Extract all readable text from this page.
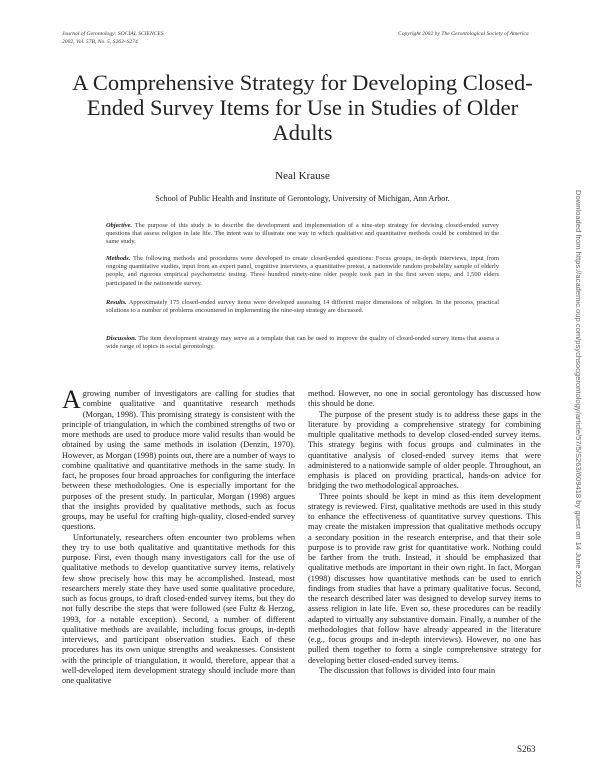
Journal of Gerontology: SOCIAL SCIENCES
2002, Vol. 57B, No. 5, S263–S274
Copyright 2002 by The Gerontological Society of America
A Comprehensive Strategy for Developing Closed-Ended Survey Items for Use in Studies of Older Adults
Neal Krause
School of Public Health and Institute of Gerontology, University of Michigan, Ann Arbor.
Objective. The purpose of this study is to describe the development and implementation of a nine-step strategy for devising closed-ended survey questions that assess religion in late life. The intent was to illustrate one way in which qualitative and quantitative methods could be combined in the same study.
Methods. The following methods and procedures were developed to create closed-ended questions: Focus groups, in-depth interviews, input from ongoing quantitative studies, input from an expert panel, cognitive interviews, a quantitative pretest, a nationwide random probability sample of elderly people, and rigorous empirical psychometric testing. Three hundred ninety-nine older people took part in the first seven steps, and 1,500 elders participated in the nationwide survey.
Results. Approximately 175 closed-ended survey items were developed assessing 14 different major dimensions of religion. In the process, practical solutions to a number of problems encountered in implementing the nine-step strategy are discussed.
Discussion. The item development strategy may serve as a template that can be used to improve the quality of closed-ended survey items that assess a wide range of topics in social gerontology.

Agrowing number of investigators are calling for studies that combine qualitative and quantitative research methods (Morgan, 1998). This promising strategy is consistent with the principle of triangulation, in which the combined strengths of two or more methods are used to produce more valid results than would be obtained by using the same methods in isolation (Denzin, 1970). However, as Morgan (1998) points out, there are a number of ways to combine qualitative and quantitative methods in the same study. In fact, he proposes four broad approaches for configuring the interface between these methodologies. One is especially important for the purposes of the present study. In particular, Morgan (1998) argues that the insights provided by qualitative methods, such as focus groups, may be useful for crafting high-quality, closed-ended survey questions.

Unfortunately, researchers often encounter two problems when they try to use both qualitative and quantitative methods for this purpose. First, even though many investigators call for the use of qualitative methods to develop quantitative survey items, relatively few show precisely how this may be accomplished. Instead, most researchers merely state they have used some qualitative procedure, such as focus groups, to draft closed-ended survey items, but they do not fully describe the steps that were followed (see Fultz & Herzog, 1993, for a notable exception). Second, a number of different qualitative methods are available, including focus groups, in-depth interviews, and participant observation studies. Each of these procedures has its own unique strengths and weaknesses. Consistent with the principle of triangulation, it would, therefore, appear that a well-developed item development strategy should include more than one qualitative

method. However, no one in social gerontology has discussed how this should be done.

The purpose of the present study is to address these gaps in the literature by providing a comprehensive strategy for combining multiple qualitative methods to develop closed-ended survey items. This strategy begins with focus groups and culminates in the quantitative analysis of closed-ended survey items that were administered to a nationwide sample of older people. Throughout, an emphasis is placed on providing practical, hands-on advice for bridging the two methodological approaches.

Three points should be kept in mind as this item development strategy is reviewed. First, qualitative methods are used in this study to enhance the effectiveness of quantitative survey questions. This may create the mistaken impression that qualitative methods occupy a secondary position in the research enterprise, and that their sole purpose is to provide raw grist for quantitative work. Nothing could be farther from the truth. Instead, it should be emphasized that qualitative methods are important in their own right. In fact, Morgan (1998) discusses how quantitative methods can be used to enrich findings from studies that have a primary qualitative focus. Second, the research described later was designed to develop survey items to assess religion in late life. Even so, these procedures can be readily adapted to virtually any substantive domain. Finally, a number of the methodologies that follow have already appeared in the literature (e.g., focus groups and in-depth interviews). However, no one has pulled them together to form a single comprehensive strategy for developing better closed-ended survey items.

The discussion that follows is divided into four main

S263
Downloaded from https://academic.oup.com/psychsocgerontology/article/57/5/S263/609418 by guest on 14 June 2022
